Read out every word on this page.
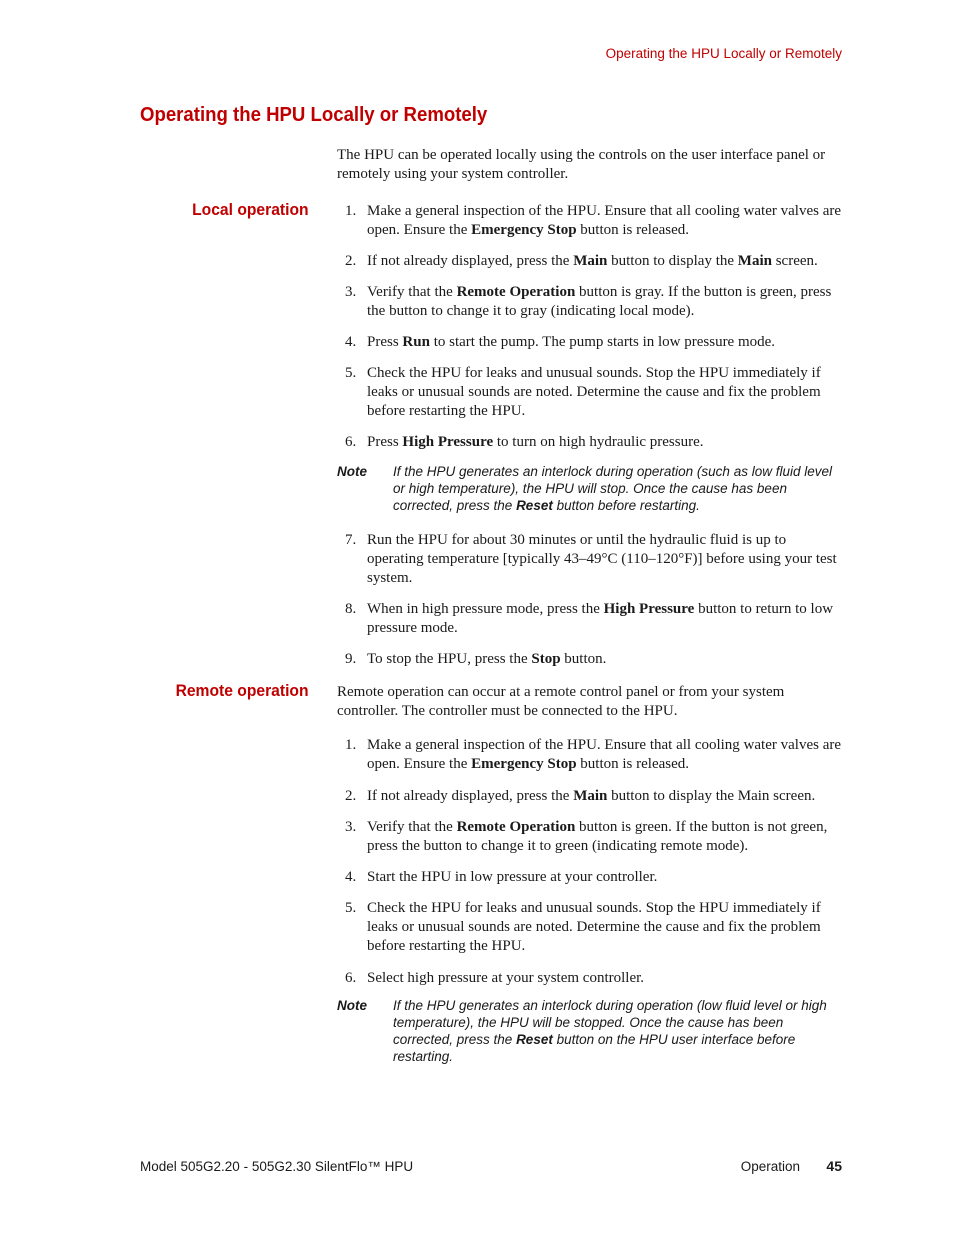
Operating the HPU Locally or Remotely
Operating the HPU Locally or Remotely

The HPU can be operated locally using the controls on the user interface panel or remotely using your system controller.

Local operation 1. Make a general inspection of the HPU. Ensure that all cooling water valves are open. Ensure the Emergency Stop button is released.
2. If not already displayed, press the Main button to display the Main screen.
3. Verify that the Remote Operation button is gray. If the button is green, press the button to change it to gray (indicating local mode).
4. Press Run to start the pump. The pump starts in low pressure mode.
5. Check the HPU for leaks and unusual sounds. Stop the HPU immediately if leaks or unusual sounds are noted. Determine the cause and fix the problem before restarting the HPU.
6. Press High Pressure to turn on high hydraulic pressure.
Note If the HPU generates an interlock during operation (such as low fluid level or high temperature), the HPU will stop. Once the cause has been corrected, press the Reset button before restarting.
7. Run the HPU for about 30 minutes or until the hydraulic fluid is up to operating temperature [typically 43–49°C (110–120°F)] before using your test system.
8. When in high pressure mode, press the High Pressure button to return to low pressure mode.
9. To stop the HPU, press the Stop button.
Remote operation Remote operation can occur at a remote control panel or from your system controller. The controller must be connected to the HPU.

1. Make a general inspection of the HPU. Ensure that all cooling water valves are open. Ensure the Emergency Stop button is released.
2. If not already displayed, press the Main button to display the Main screen.
3. Verify that the Remote Operation button is green. If the button is not green, press the button to change it to green (indicating remote mode).
4. Start the HPU in low pressure at your controller.
5. Check the HPU for leaks and unusual sounds. Stop the HPU immediately if leaks or unusual sounds are noted. Determine the cause and fix the problem before restarting the HPU.
6. Select high pressure at your system controller.
Note If the HPU generates an interlock during operation (low fluid level or high temperature), the HPU will be stopped. Once the cause has been corrected, press the Reset button on the HPU user interface before restarting.
Model 505G2.20 - 505G2.30 SilentFlo™ HPU	Operation 45
